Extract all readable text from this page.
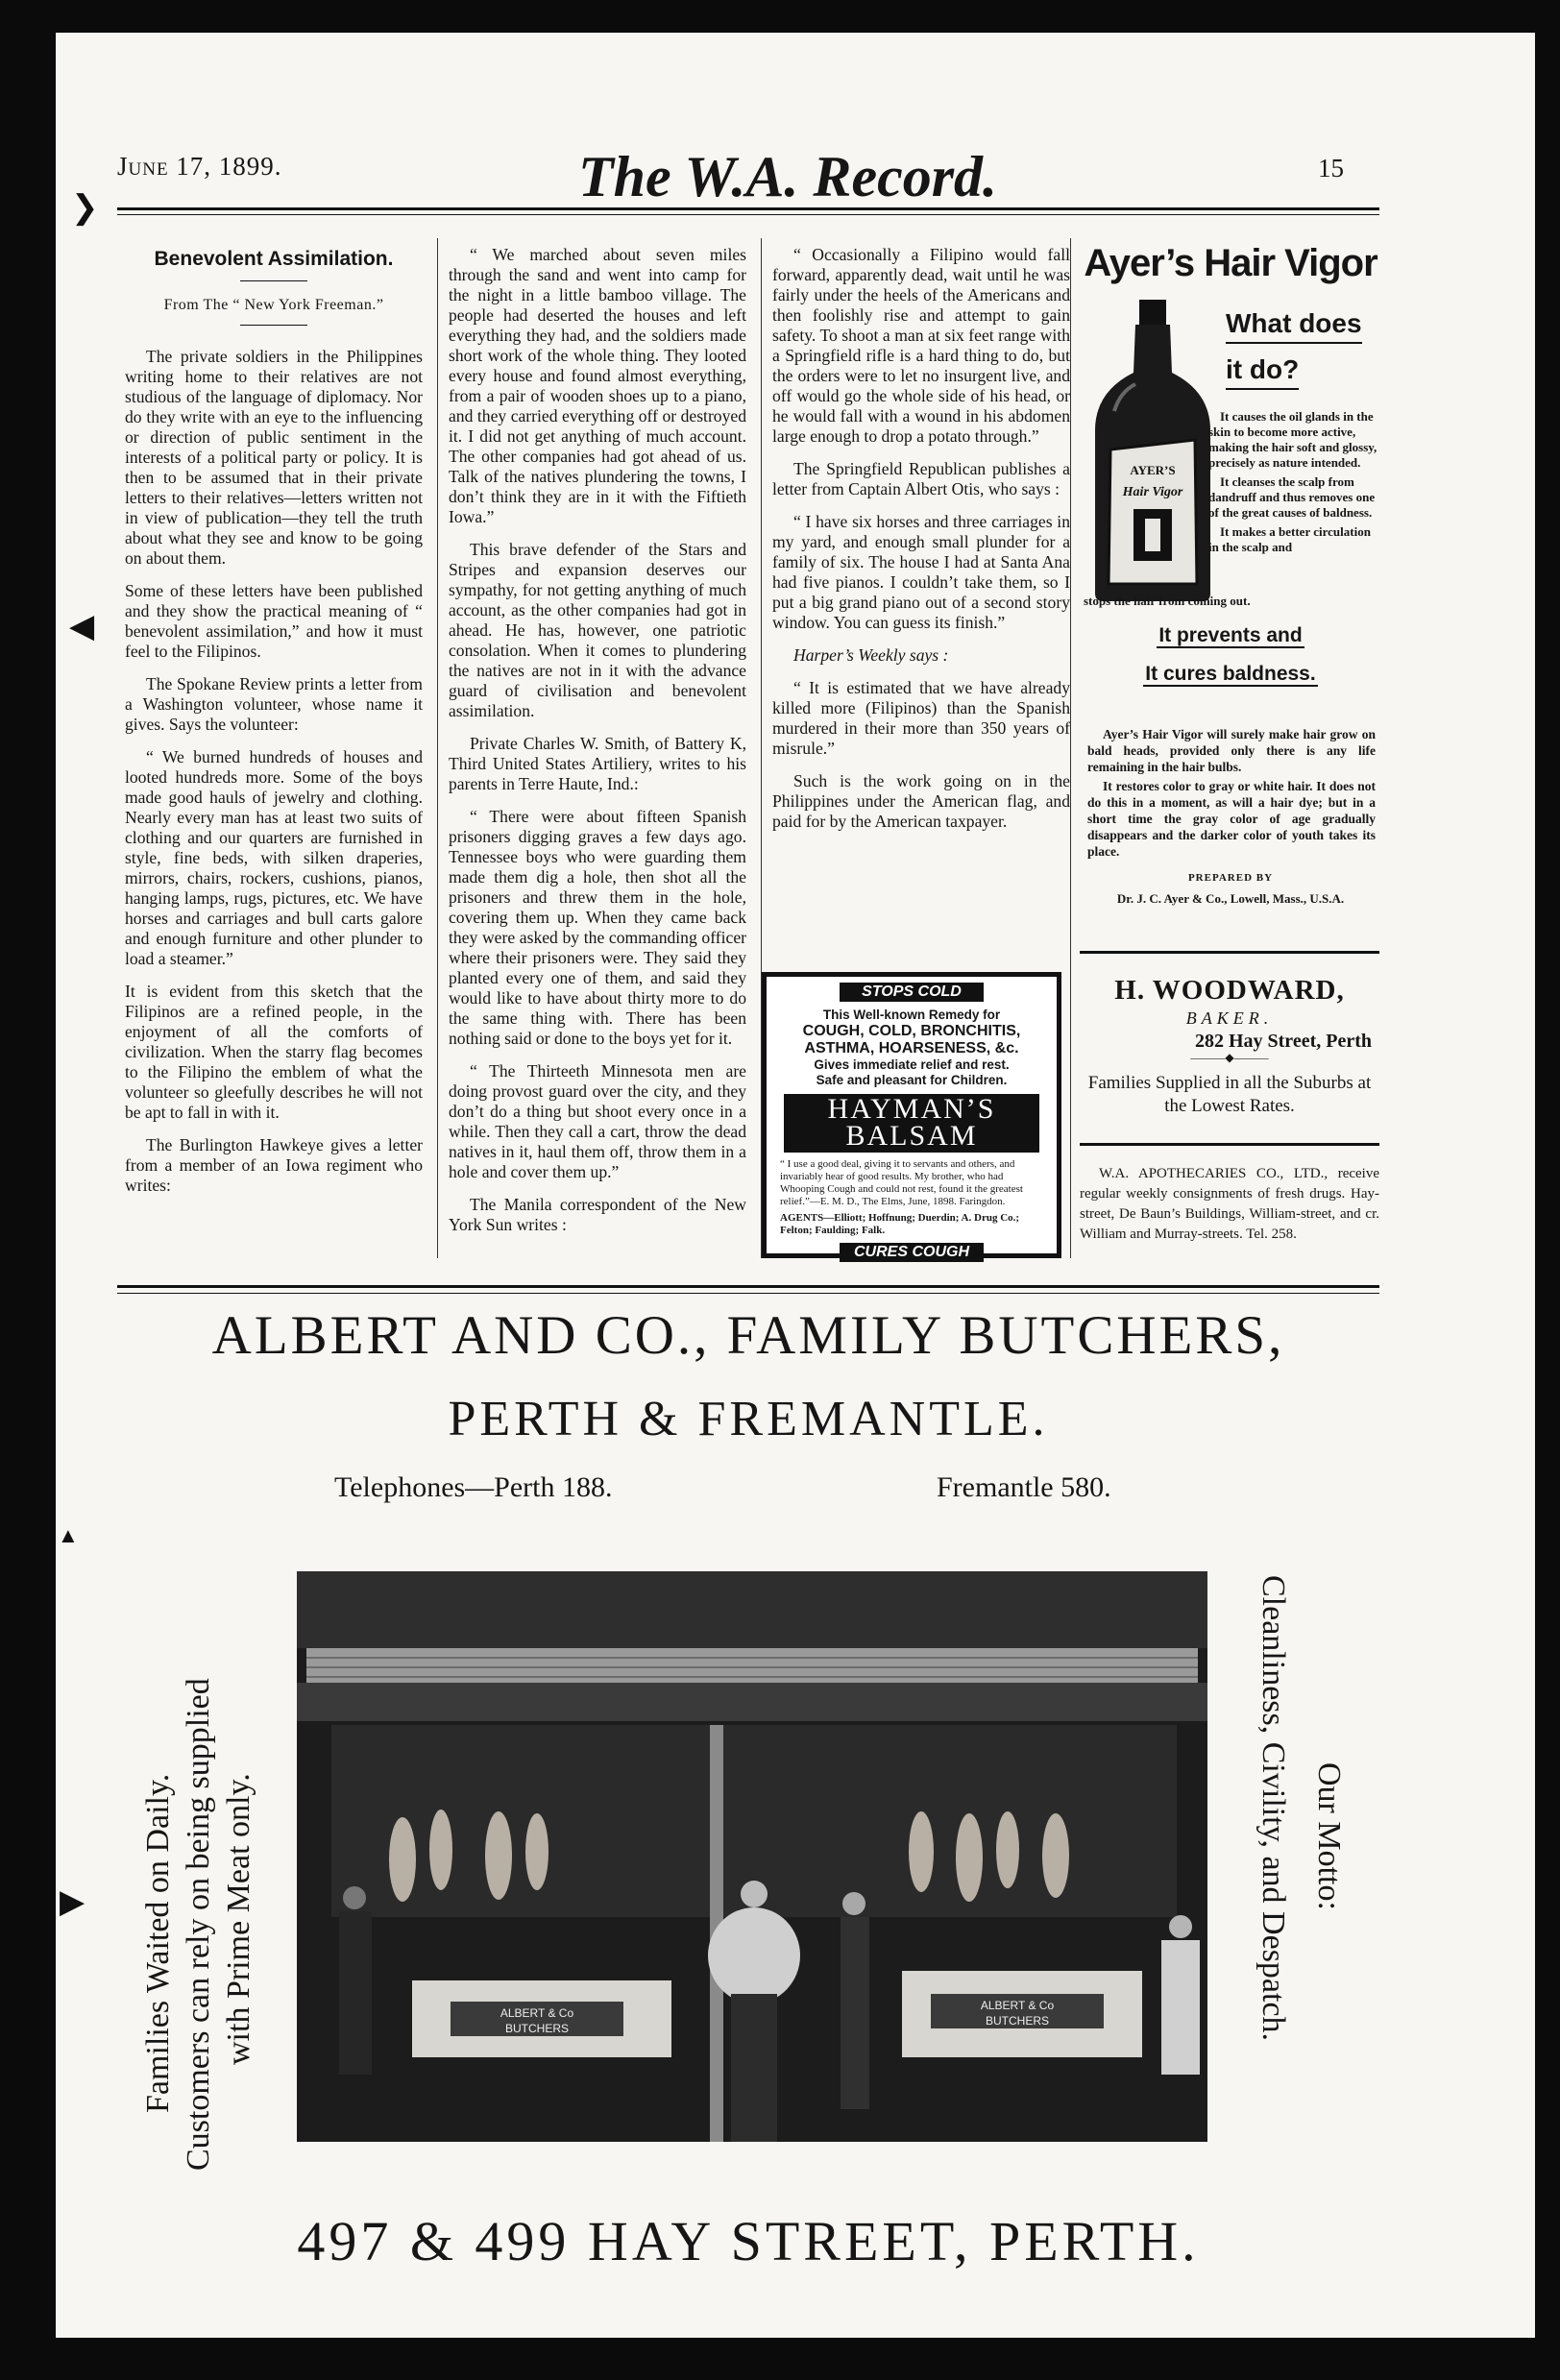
❯
◀
▲
▶
June 17, 1899.	The W.A. Record.	15
Benevolent Assimilation.
From The “ New York Freeman.”

The private soldiers in the Philippines writing home to their relatives are not studious of the language of diplomacy. Nor do they write with an eye to the influencing or direction of public sentiment in the interests of a political party or policy. It is then to be assumed that in their private letters to their relatives—letters written not in view of publication—they tell the truth about what they see and know to be going on about them.

Some of these letters have been published and they show the practical meaning of “ benevolent assimilation,” and how it must feel to the Filipinos.

The Spokane Review prints a letter from a Washington volunteer, whose name it gives. Says the volunteer:

“ We burned hundreds of houses and looted hundreds more. Some of the boys made good hauls of jewelry and clothing. Nearly every man has at least two suits of clothing and our quarters are furnished in style, fine beds, with silken draperies, mirrors, chairs, rockers, cushions, pianos, hanging lamps, rugs, pictures, etc. We have horses and carriages and bull carts galore and enough furniture and other plunder to load a steamer.”

It is evident from this sketch that the Filipinos are a refined people, in the enjoyment of all the comforts of civilization. When the starry flag becomes to the Filipino the emblem of what the volunteer so gleefully describes he will not be apt to fall in with it.

The Burlington Hawkeye gives a letter from a member of an Iowa regiment who writes:

“ We marched about seven miles through the sand and went into camp for the night in a little bamboo village. The people had deserted the houses and left everything they had, and the soldiers made short work of the whole thing. They looted every house and found almost everything, from a pair of wooden shoes up to a piano, and they carried everything off or destroyed it. I did not get anything of much account. The other companies had got ahead of us. Talk of the natives plundering the towns, I don’t think they are in it with the Fiftieth Iowa.”

This brave defender of the Stars and Stripes and expansion deserves our sympathy, for not getting anything of much account, as the other companies had got in ahead. He has, however, one patriotic consolation. When it comes to plundering the natives are not in it with the advance guard of civilisation and benevolent assimilation.

Private Charles W. Smith, of Battery K, Third United States Artiliery, writes to his parents in Terre Haute, Ind.:

“ There were about fifteen Spanish prisoners digging graves a few days ago. Tennessee boys who were guarding them made them dig a hole, then shot all the prisoners and threw them in the hole, covering them up. When they came back they were asked by the commanding officer where their prisoners were. They said they planted every one of them, and said they would like to have about thirty more to do the same thing with. There has been nothing said or done to the boys yet for it.

“ The Thirteeth Minnesota men are doing provost guard over the city, and they don’t do a thing but shoot every once in a while. Then they call a cart, throw the dead natives in it, haul them off, throw them in a hole and cover them up.”

The Manila correspondent of the New York Sun writes :

“ Occasionally a Filipino would fall forward, apparently dead, wait until he was fairly under the heels of the Americans and then foolishly rise and attempt to gain safety. To shoot a man at six feet range with a Springfield rifle is a hard thing to do, but the orders were to let no insurgent live, and off would go the whole side of his head, or he would fall with a wound in his abdomen large enough to drop a potato through.”

The Springfield Republican publishes a letter from Captain Albert Otis, who says :

“ I have six horses and three carriages in my yard, and enough small plunder for a family of six. The house I had at Santa Ana had five pianos. I couldn’t take them, so I put a big grand piano out of a second story window. You can guess its finish.”

Harper’s Weekly says :

“ It is estimated that we have already killed more (Filipinos) than the Spanish murdered in their more than 350 years of misrule.”

Such is the work going on in the Philippines under the American flag, and paid for by the American taxpayer.

STOPS COLD
This Well-known Remedy for
COUGH, COLD, BRONCHITIS,
ASTHMA, HOARSENESS, &c.
Gives immediate relief and rest.
Safe and pleasant for Children.
HAYMAN’S
BALSAM
“ I use a good deal, giving it to servants and others, and invariably hear of good results. My brother, who had Whooping Cough and could not rest, found it the greatest relief.”—E. M. D., The Elms, June, 1898. Faringdon.
AGENTS—Elliott; Hoffnung; Duerdin; A. Drug Co.; Felton; Faulding; Falk.
CURES COUGH
Ayer’s Hair Vigor
AYER’S
Hair Vigor
What does
it do?

It causes the oil glands in the skin to become more active, making the hair soft and glossy, precisely as nature intended.

It cleanses the scalp from dandruff and thus removes one of the great causes of baldness.

It makes a better circulation in the scalp and

stops the hair from coming out.
It prevents and
It cures baldness.

Ayer’s Hair Vigor will surely make hair grow on bald heads, provided only there is any life remaining in the hair bulbs.

It restores color to gray or white hair. It does not do this in a moment, as will a hair dye; but in a short time the gray color of age gradually disappears and the darker color of youth takes its place.

PREPARED BY
Dr. J. C. Ayer & Co., Lowell, Mass., U.S.A.
H. WOODWARD,
BAKER.
282 Hay Street, Perth
———◆———
Families Supplied in all the Suburbs at the Lowest Rates.

W.A. APOTHECARIES CO., LTD., receive regular weekly consignments of fresh drugs. Hay-street, De Baun’s Buildings, William-street, and cr. William and Murray-streets. Tel. 258.

ALBERT AND CO., FAMILY BUTCHERS,
PERTH & FREMANTLE.
Telephones—Perth 188.	Fremantle 580.
Families Waited on Daily. Customers can rely on being supplied with Prime Meat only.	ALBERT & Co
BUTCHERS
ALBERT & Co
BUTCHERS
Our Motto:
Cleanliness, Civility, and Despatch.
497 & 499 HAY STREET, PERTH.
